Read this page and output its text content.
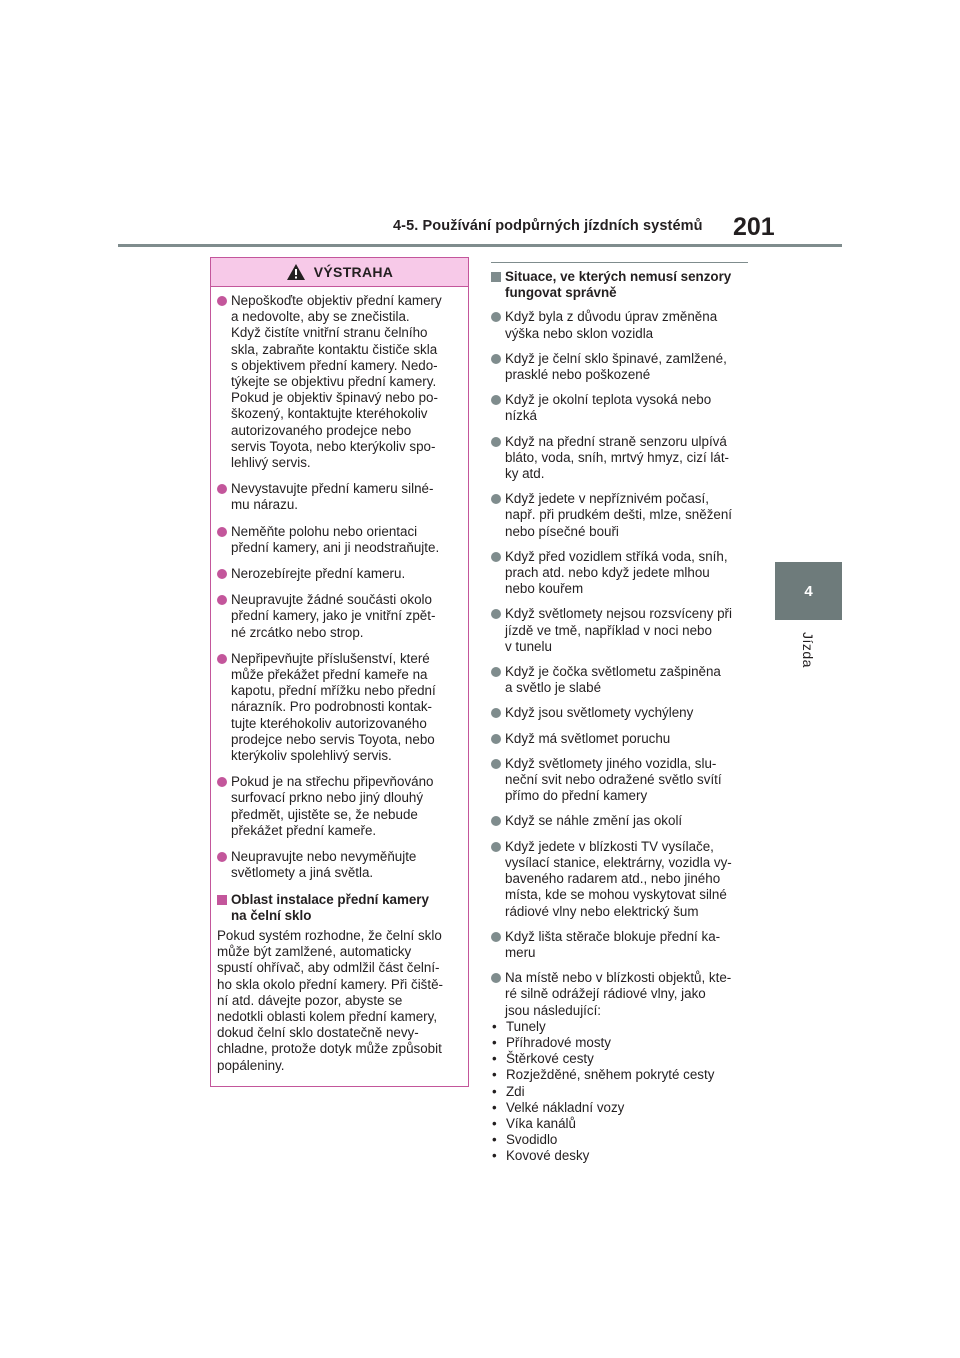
4-5. Používání podpůrných jízdních systémů 201
4
Jízda
VÝSTRAHA
Nepoškoďte objektiv přední kamery
a nedovolte, aby se znečistila.
Když čistíte vnitřní stranu čelního
skla, zabraňte kontaktu čističe skla
s objektivem přední kamery. Nedo-
týkejte se objektivu přední kamery.
Pokud je objektiv špinavý nebo po-
škozený, kontaktujte kteréhokoliv
autorizovaného prodejce nebo
servis Toyota, nebo kterýkoliv spo-
lehlivý servis.
Nevystavujte přední kameru silné-
mu nárazu.
Neměňte polohu nebo orientaci
přední kamery, ani ji neodstraňujte.
Nerozebírejte přední kameru.
Neupravujte žádné součásti okolo
přední kamery, jako je vnitřní zpět-
né zrcátko nebo strop.
Nepřipevňujte příslušenství, které
může překážet přední kameře na
kapotu, přední mřížku nebo přední
nárazník. Pro podrobnosti kontak-
tujte kteréhokoliv autorizovaného
prodejce nebo servis Toyota, nebo
kterýkoliv spolehlivý servis.
Pokud je na střechu připevňováno
surfovací prkno nebo jiný dlouhý
předmět, ujistěte se, že nebude
překážet přední kameře.
Neupravujte nebo nevyměňujte
světlomety a jiná světla.
Oblast instalace přední kamery
na čelní sklo
Pokud systém rozhodne, že čelní sklo
může být zamlžené, automaticky
spustí ohřívač, aby odmlžil část čelní-
ho skla okolo přední kamery. Při čiště-
ní atd. dávejte pozor, abyste se
nedotkli oblasti kolem přední kamery,
dokud čelní sklo dostatečně nevy-
chladne, protože dotyk může způsobit
popáleniny.
Situace, ve kterých nemusí senzory
fungovat správně
Když byla z důvodu úprav změněna
výška nebo sklon vozidla
Když je čelní sklo špinavé, zamlžené,
prasklé nebo poškozené
Když je okolní teplota vysoká nebo
nízká
Když na přední straně senzoru ulpívá
bláto, voda, sníh, mrtvý hmyz, cizí lát-
ky atd.
Když jedete v nepříznivém počasí,
např. při prudkém dešti, mlze, sněžení
nebo písečné bouři
Když před vozidlem stříká voda, sníh,
prach atd. nebo když jedete mlhou
nebo kouřem
Když světlomety nejsou rozsvíceny při
jízdě ve tmě, například v noci nebo
v tunelu
Když je čočka světlometu zašpiněna
a světlo je slabé
Když jsou světlomety vychýleny
Když má světlomet poruchu
Když světlomety jiného vozidla, slu-
neční svit nebo odražené světlo svítí
přímo do přední kamery
Když se náhle změní jas okolí
Když jedete v blízkosti TV vysílače,
vysílací stanice, elektrárny, vozidla vy-
baveného radarem atd., nebo jiného
místa, kde se mohou vyskytovat silné
rádiové vlny nebo elektrický šum
Když lišta stěrače blokuje přední ka-
meru
Na místě nebo v blízkosti objektů, kte-
ré silně odrážejí rádiové vlny, jako
jsou následující:
• Tunely
• Příhradové mosty
• Štěrkové cesty
• Rozježděné, sněhem pokryté cesty
• Zdi
• Velké nákladní vozy
• Víka kanálů
• Svodidlo
• Kovové desky
